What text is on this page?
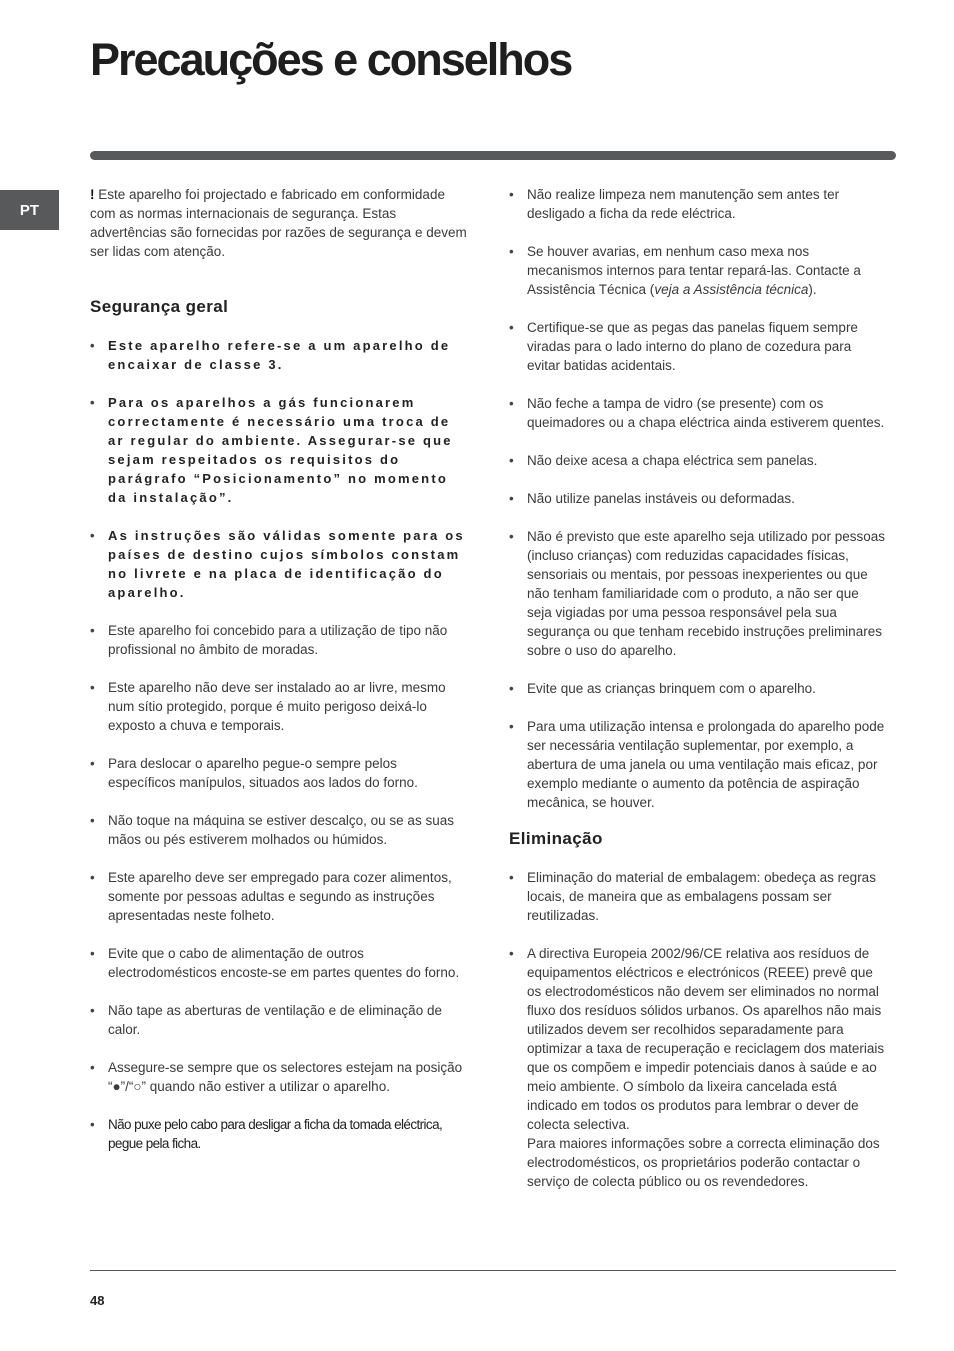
Precauções e conselhos
PT

! Este aparelho foi projectado e fabricado em conformidade com as normas internacionais de segurança. Estas advertências são fornecidas por razões de segurança e devem ser lidas com atenção.

Segurança geral
• Este aparelho refere-se a um aparelho de encaixar de classe 3.
• Para os aparelhos a gás funcionarem correctamente é necessário uma troca de ar regular do ambiente. Assegurar-se que sejam respeitados os requisitos do parágrafo “Posicionamento” no momento da instalação”.
• As instruções são válidas somente para os países de destino cujos símbolos constam no livrete e na placa de identificação do aparelho.
• Este aparelho foi concebido para a utilização de tipo não profissional no âmbito de moradas.
• Este aparelho não deve ser instalado ao ar livre, mesmo num sítio protegido, porque é muito perigoso deixá-lo exposto a chuva e temporais.
• Para deslocar o aparelho pegue-o sempre pelos específicos manípulos, situados aos lados do forno.
• Não toque na máquina se estiver descalço, ou se as suas mãos ou pés estiverem molhados ou húmidos.
• Este aparelho deve ser empregado para cozer alimentos, somente por pessoas adultas e segundo as instruções apresentadas neste folheto.
• Evite que o cabo de alimentação de outros electrodomésticos encoste-se em partes quentes do forno.
• Não tape as aberturas de ventilação e de eliminação de calor.
• Assegure-se sempre que os selectores estejam na posição “●”/“○” quando não estiver a utilizar o aparelho.
• Não puxe pelo cabo para desligar a ficha da tomada eléctrica, pegue pela ficha.
• Não realize limpeza nem manutenção sem antes ter desligado a ficha da rede eléctrica.
• Se houver avarias, em nenhum caso mexa nos mecanismos internos para tentar repará-las. Contacte a Assistência Técnica (veja a Assistência técnica).
• Certifique-se que as pegas das panelas fiquem sempre viradas para o lado interno do plano de cozedura para evitar batidas acidentais.
• Não feche a tampa de vidro (se presente) com os queimadores ou a chapa eléctrica ainda estiverem quentes.
• Não deixe acesa a chapa eléctrica sem panelas.
• Não utilize panelas instáveis ou deformadas.
• Não é previsto que este aparelho seja utilizado por pessoas (incluso crianças) com reduzidas capacidades físicas, sensoriais ou mentais, por pessoas inexperientes ou que não tenham familiaridade com o produto, a não ser que seja vigiadas por uma pessoa responsável pela sua segurança ou que tenham recebido instruções preliminares sobre o uso do aparelho.
• Evite que as crianças brinquem com o aparelho.
• Para uma utilização intensa e prolongada do aparelho pode ser necessária ventilação suplementar, por exemplo, a abertura de uma janela ou uma ventilação mais eficaz, por exemplo mediante o aumento da potência de aspiração mecânica, se houver.
Eliminação
• Eliminação do material de embalagem: obedeça as regras locais, de maneira que as embalagens possam ser reutilizadas.
• A directiva Europeia 2002/96/CE relativa aos resíduos de equipamentos eléctricos e electrónicos (REEE) prevê que os electrodomésticos não devem ser eliminados no normal fluxo dos resíduos sólidos urbanos. Os aparelhos não mais utilizados devem ser recolhidos separadamente para optimizar a taxa de recuperação e reciclagem dos materiais que os compõem e impedir potenciais danos à saúde e ao meio ambiente. O símbolo da lixeira cancelada está indicado em todos os produtos para lembrar o dever de colecta selectiva.
Para maiores informações sobre a correcta eliminação dos electrodomésticos, os proprietários poderão contactar o serviço de colecta público ou os revendedores.
48
